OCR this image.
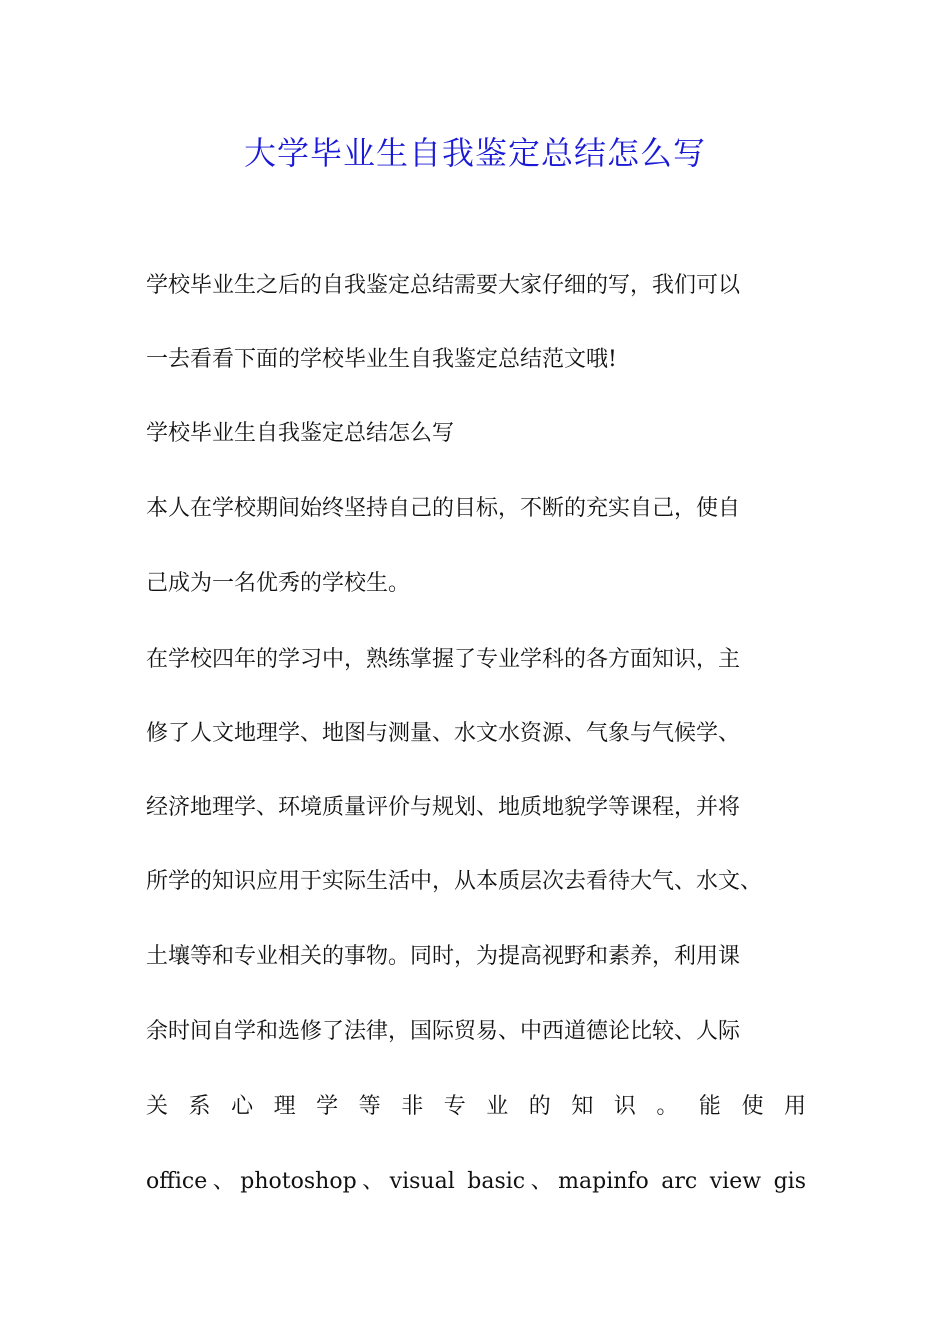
大学毕业生自我鉴定总结怎么写

学校毕业生之后的自我鉴定总结需要大家仔细的写，我们可以

一去看看下面的学校毕业生自我鉴定总结范文哦!

学校毕业生自我鉴定总结怎么写

本人在学校期间始终坚持自己的目标，不断的充实自己，使自

己成为一名优秀的学校生。

在学校四年的学习中，熟练掌握了专业学科的各方面知识，主

修了人文地理学、地图与测量、水文水资源、气象与气候学、

经济地理学、环境质量评价与规划、地质地貌学等课程，并将

所学的知识应用于实际生活中，从本质层次去看待大气、水文、

土壤等和专业相关的事物。同时，为提高视野和素养，利用课

余时间自学和选修了法律，国际贸易、中西道德论比较、人际

关 系 心 理 学 等 非 专 业 的 知 识 。 能 使 用

office、photoshop、visual basic、mapinfo arc view gis
